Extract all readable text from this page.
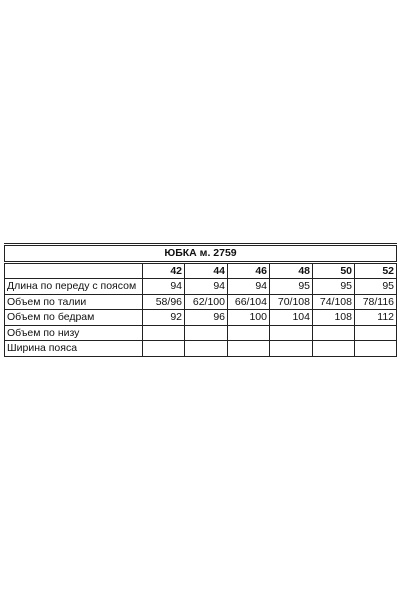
ЮБКА м. 2759						
	42	44	46	48	50	52
Длина по переду с поясом	94	94	94	95	95	95
Объем по талии	58/96	62/100	66/104	70/108	74/108	78/116
Объем по бедрам	92	96	100	104	108	112
Объем по низу						
Ширина пояса						
